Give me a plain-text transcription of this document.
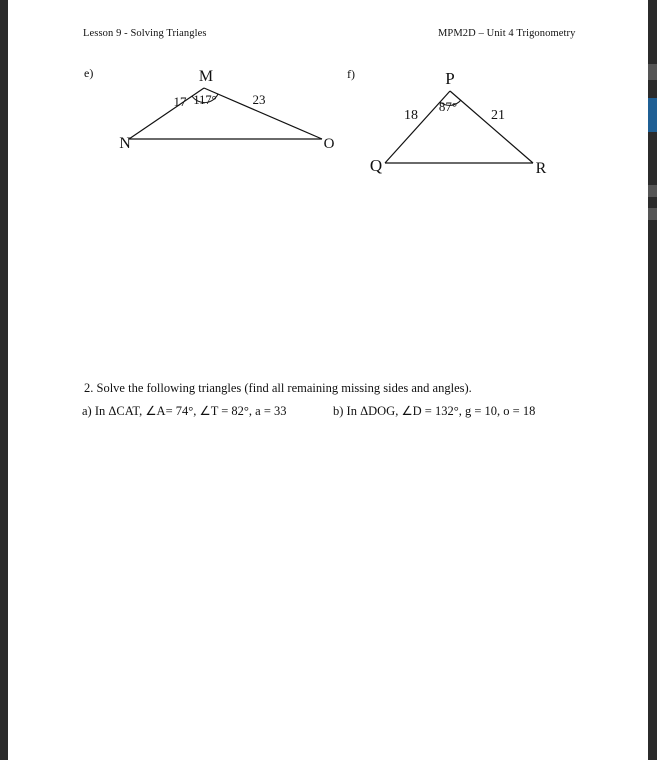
Lesson 9 - Solving Triangles	MPM2D – Unit 4 Trigonometry
e)	M
N	O
17	23
117°
f)	P
Q	R
18	21
87°
2. Solve the following triangles (find all remaining missing sides and angles).
a) In ΔCAT, ∠A= 74°, ∠T = 82°, a = 33	b) In ΔDOG, ∠D = 132°, g = 10, o = 18
